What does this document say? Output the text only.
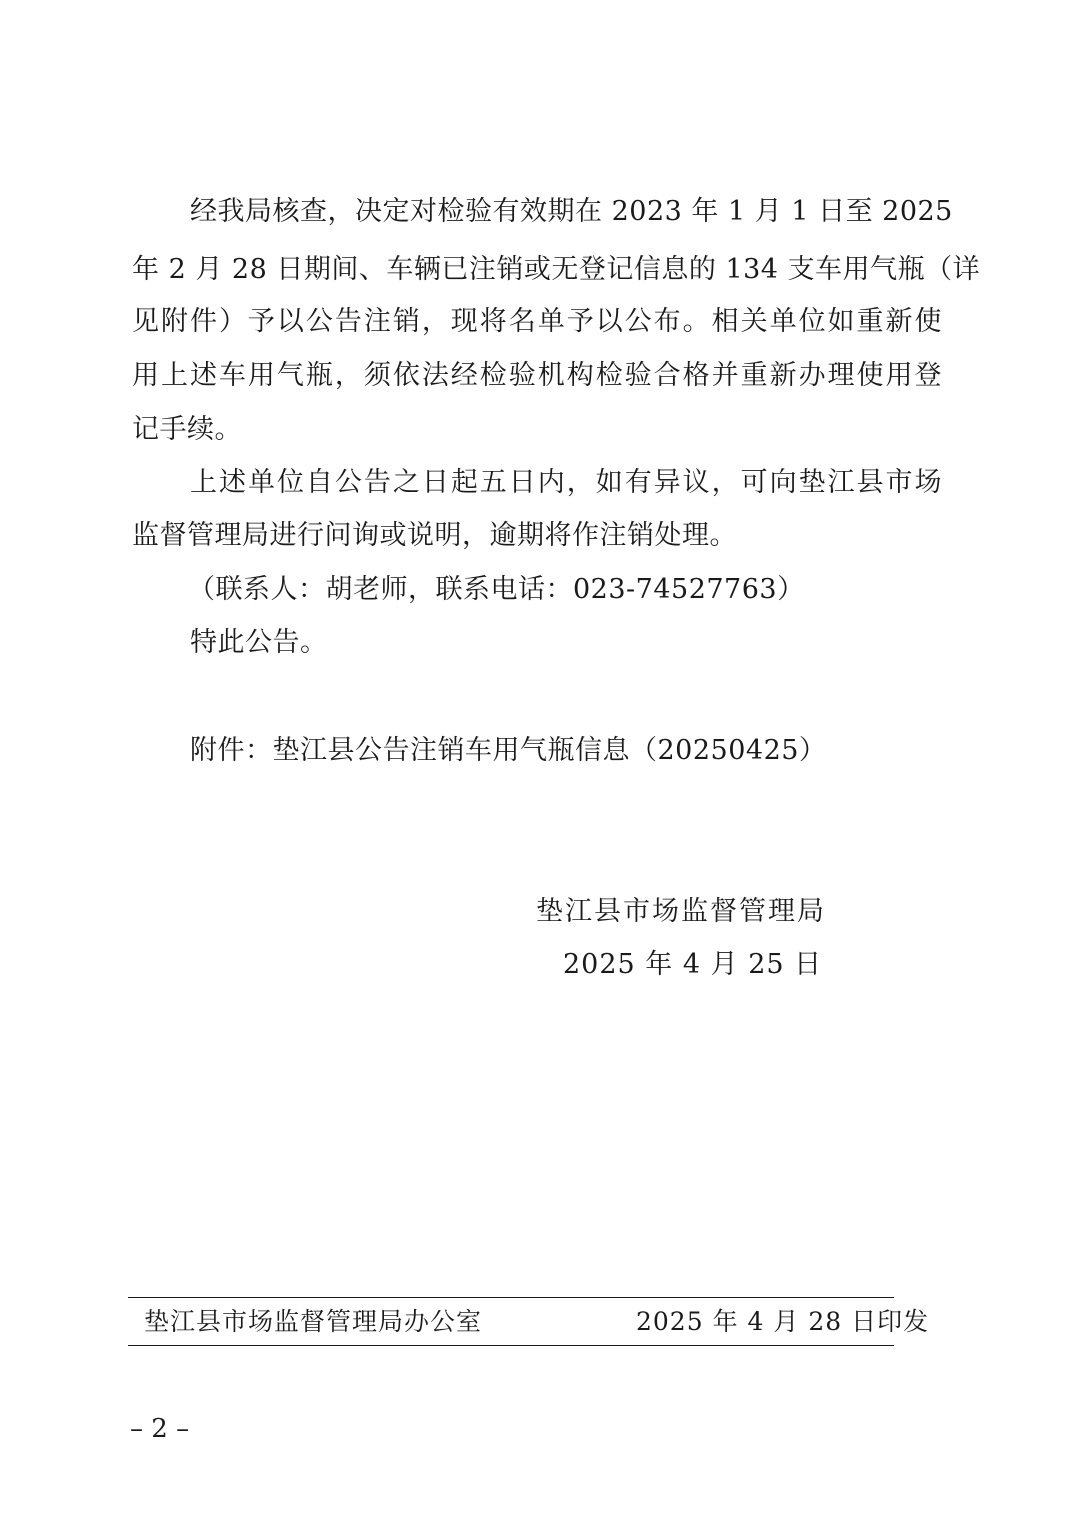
经我局核查，决定对检验有效期在 2023 年 1 月 1 日至 2025
年 2 月 28 日期间、车辆已注销或无登记信息的 134 支车用气瓶（详
见附件）予以公告注销，现将名单予以公布。相关单位如重新使
用上述车用气瓶，须依法经检验机构检验合格并重新办理使用登
记手续。
上述单位自公告之日起五日内，如有异议，可向垫江县市场
监督管理局进行问询或说明，逾期将作注销处理。
（联系人：胡老师，联系电话：023-74527763）
特此公告。
附件：垫江县公告注销车用气瓶信息（20250425）
垫江县市场监督管理局
2025 年 4 月 25 日
垫江县市场监督管理局办公室	2025 年 4 月 28 日印发
– 2 –
